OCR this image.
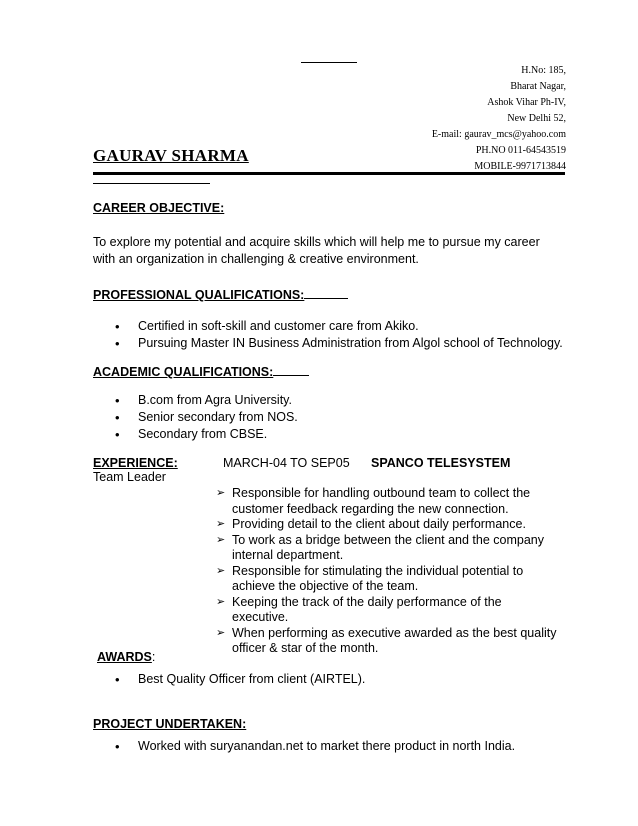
H.No: 185,
Bharat Nagar,
Ashok Vihar Ph-IV,
New Delhi 52,
E-mail: gaurav_mcs@yahoo.com
PH.NO 011-64543519
MOBILE-9971713844
GAURAV SHARMA
CAREER OBJECTIVE:
To explore my potential and acquire skills which will help me to pursue my career
with an organization in challenging & creative environment.
PROFESSIONAL QUALIFICATIONS:
• Certified in soft-skill and customer care from Akiko.
• Pursuing Master IN Business Administration from Algol school of Technology.
ACADEMIC QUALIFICATIONS:
• B.com from Agra University.
• Senior secondary from NOS.
• Secondary from CBSE.
EXPERIENCE:	MARCH-04 TO SEP05 SPANCO TELESYSTEM
Team Leader
➢ Responsible for handling outbound team to collect the customer feedback regarding the new connection.
➢ Providing detail to the client about daily performance.
➢ To work as a bridge between the client and the company internal department.
➢ Responsible for stimulating the individual potential to achieve the objective of the team.
➢ Keeping the track of the daily performance of the executive.
➢ When performing as executive awarded as the best quality officer & star of the month.
AWARDS:
• Best Quality Officer from client (AIRTEL).
PROJECT UNDERTAKEN:
• Worked with suryanandan.net to market there product in north India.
